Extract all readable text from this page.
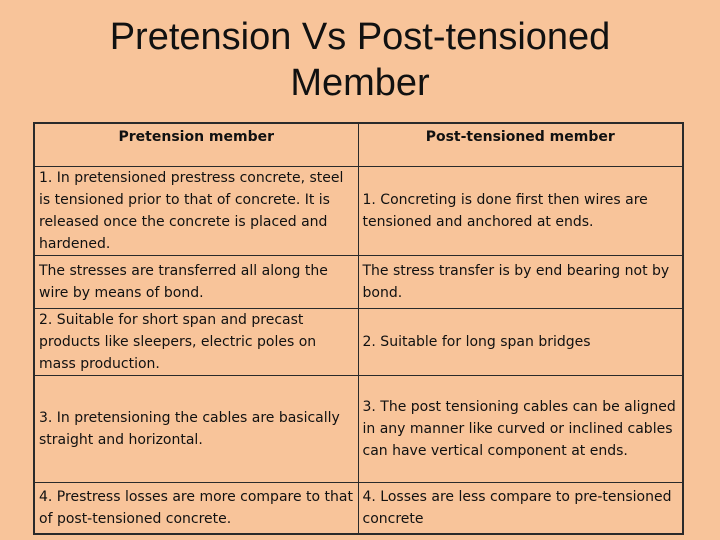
Pretension Vs Post-tensioned
Member
Pretension member	Post-tensioned member
1. In pretensioned prestress concrete, steel is tensioned prior to that of concrete. It is released once the concrete is placed and hardened.	1. Concreting is done first then wires are tensioned and anchored at ends.
The stresses are transferred all along the wire by means of bond.	The stress transfer is by end bearing not by bond.
2. Suitable for short span and precast products like sleepers, electric poles on mass production.	2. Suitable for long span bridges
3. In pretensioning the cables are basically straight and horizontal.	3. The post tensioning cables can be aligned in any manner like curved or inclined cables can have vertical component at ends.
4. Prestress losses are more compare to that of post-tensioned concrete.	4. Losses are less compare to pre-tensioned concrete
